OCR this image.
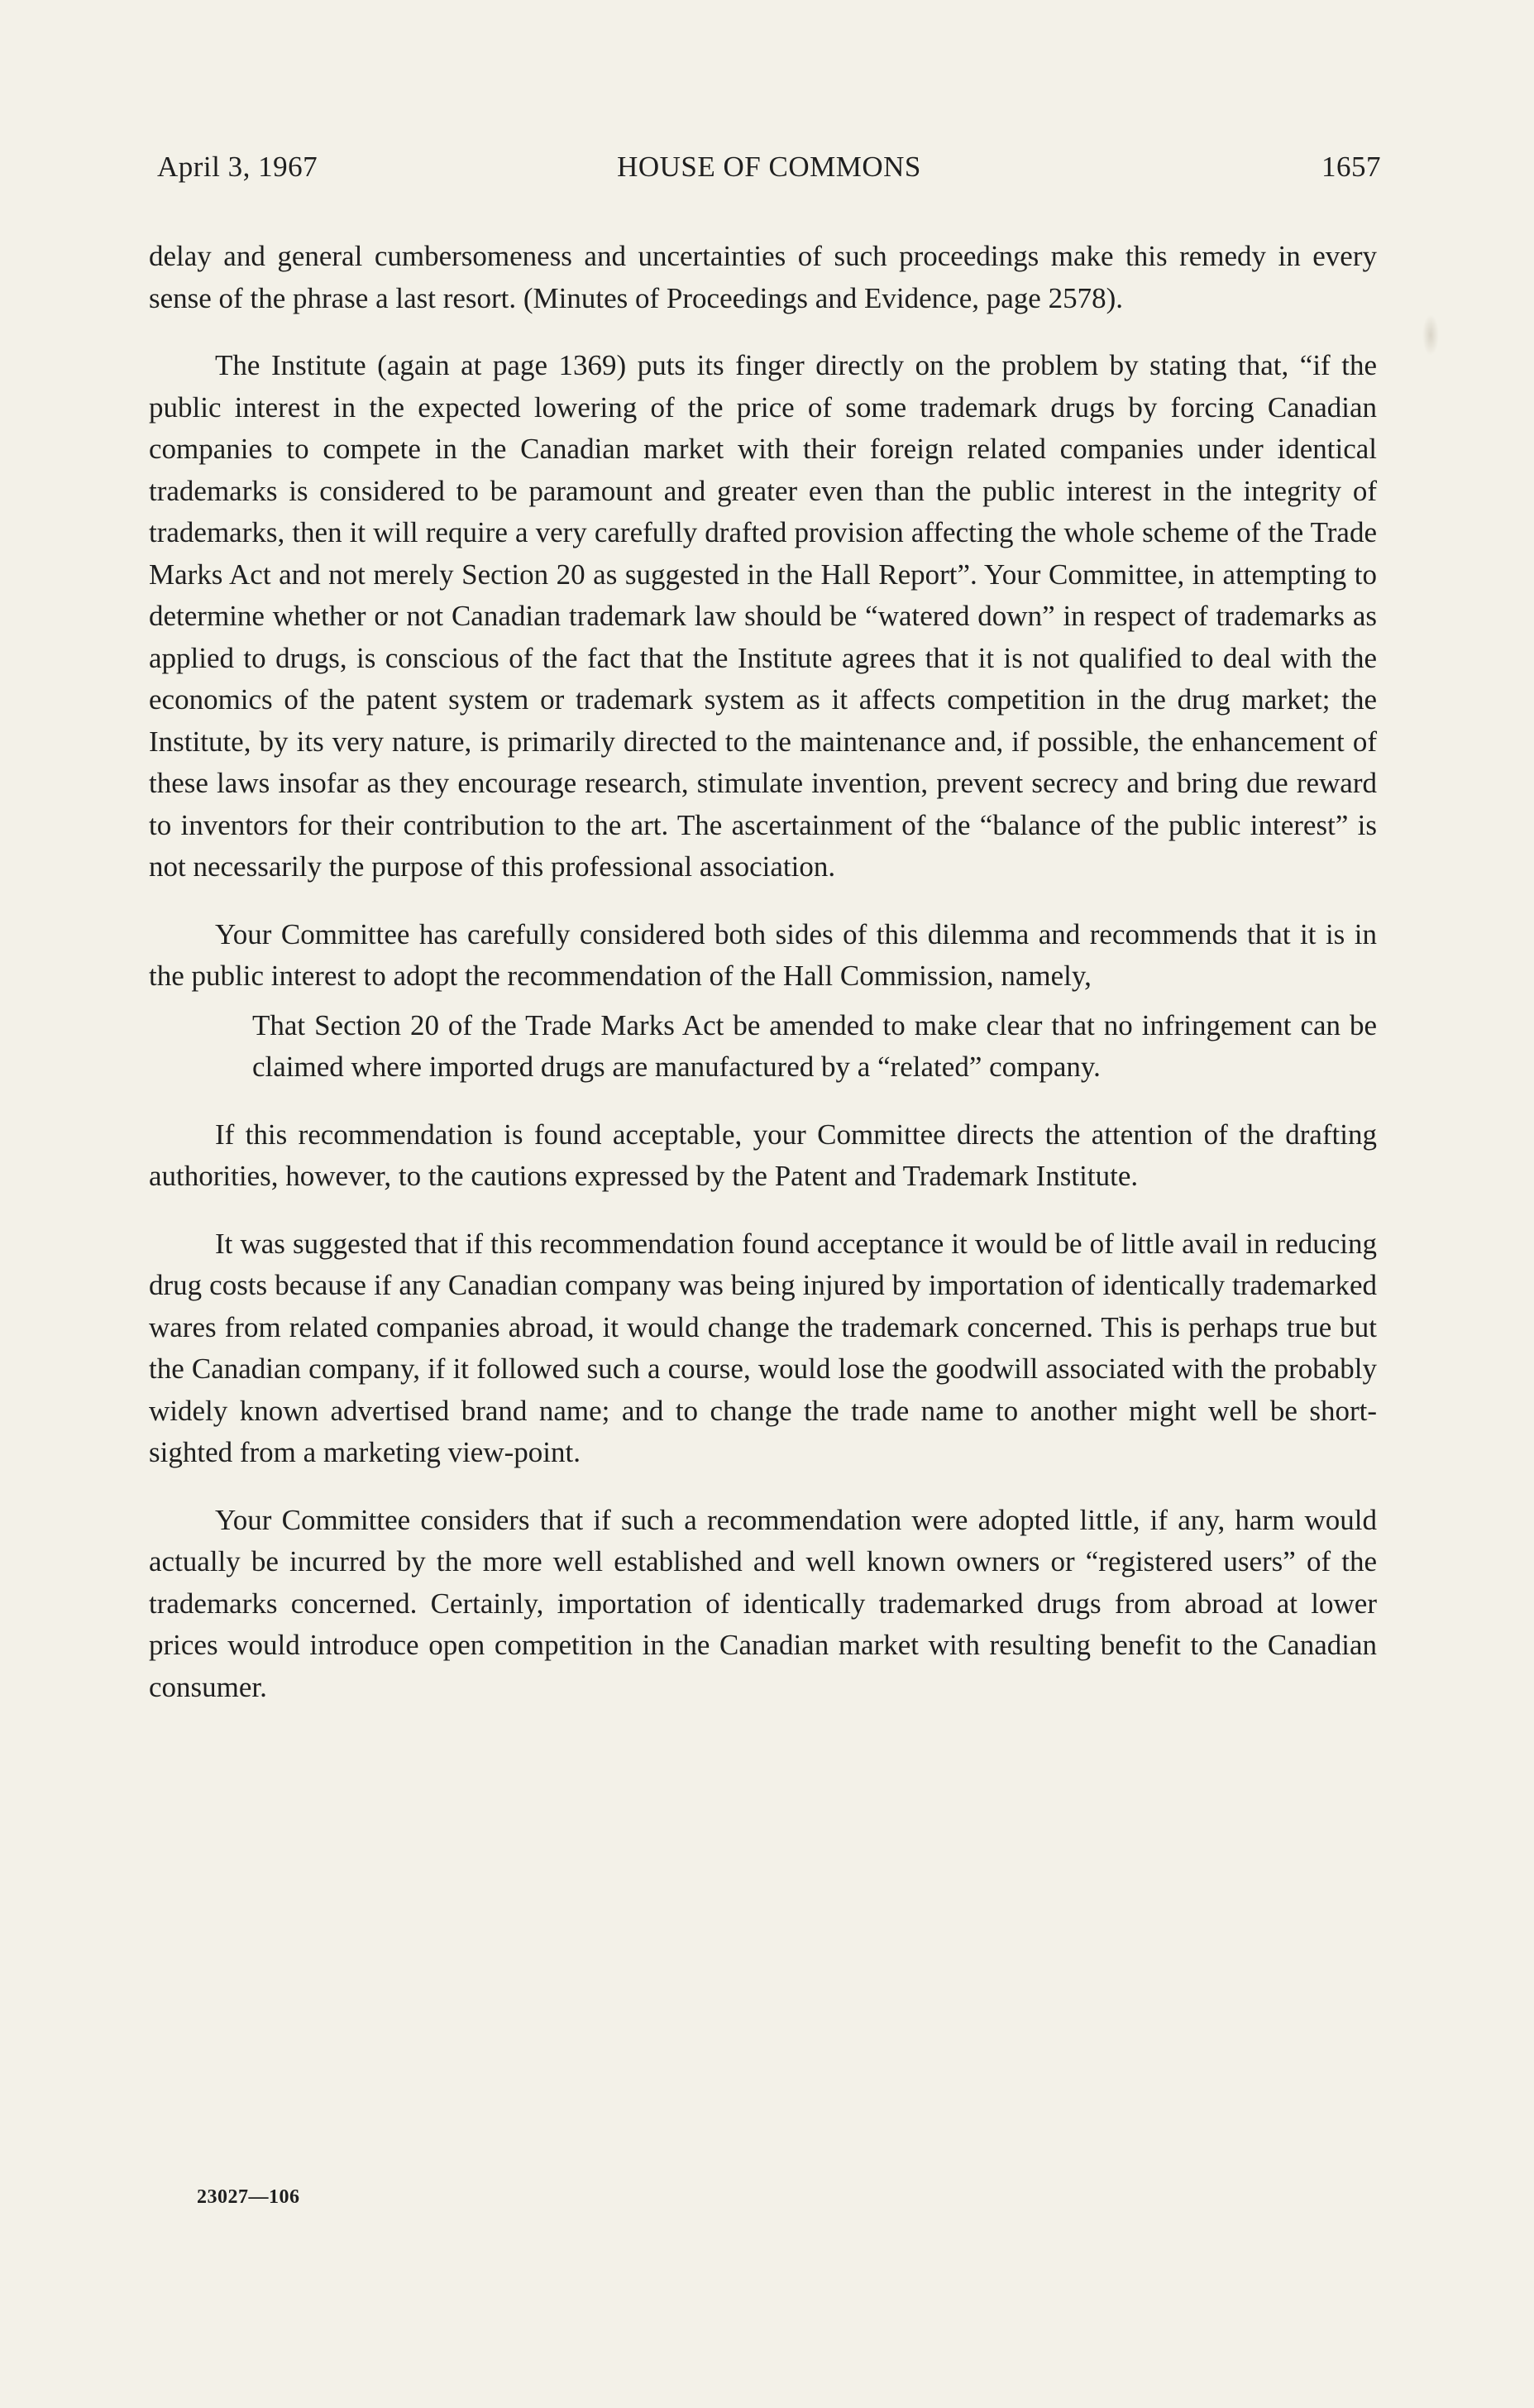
April 3, 1967	HOUSE OF COMMONS	1657

delay and general cumbersomeness and uncertainties of such proceedings make this remedy in every sense of the phrase a last resort. (Minutes of Proceedings and Evidence, page 2578).

The Institute (again at page 1369) puts its finger directly on the problem by stating that, “if the public interest in the expected lowering of the price of some trademark drugs by forcing Canadian companies to compete in the Canadian market with their foreign related companies under identical trademarks is considered to be paramount and greater even than the public interest in the integrity of trademarks, then it will require a very carefully drafted provision affecting the whole scheme of the Trade Marks Act and not merely Section 20 as suggested in the Hall Report”. Your Committee, in attempting to determine whether or not Canadian trademark law should be “watered down” in respect of trademarks as applied to drugs, is conscious of the fact that the Institute agrees that it is not qualified to deal with the economics of the patent system or trademark system as it affects competition in the drug market; the Institute, by its very nature, is primarily directed to the maintenance and, if possible, the enhancement of these laws insofar as they encourage research, stimulate invention, prevent secrecy and bring due reward to inventors for their contribution to the art. The ascertainment of the “balance of the public interest” is not necessarily the purpose of this professional association.

Your Committee has carefully considered both sides of this dilemma and recommends that it is in the public interest to adopt the recommendation of the Hall Commission, namely,

That Section 20 of the Trade Marks Act be amended to make clear that no infringement can be claimed where imported drugs are manufactured by a “related” company.

If this recommendation is found acceptable, your Committee directs the attention of the drafting authorities, however, to the cautions expressed by the Patent and Trademark Institute.

It was suggested that if this recommendation found acceptance it would be of little avail in reducing drug costs because if any Canadian company was being injured by importation of identically trademarked wares from related companies abroad, it would change the trademark concerned. This is perhaps true but the Canadian company, if it followed such a course, would lose the goodwill associated with the probably widely known advertised brand name; and to change the trade name to another might well be short-sighted from a marketing view-point.

Your Committee considers that if such a recommendation were adopted little, if any, harm would actually be incurred by the more well established and well known owners or “registered users” of the trademarks concerned. Certainly, importation of identically trademarked drugs from abroad at lower prices would introduce open competition in the Canadian market with resulting benefit to the Canadian consumer.

23027—106
